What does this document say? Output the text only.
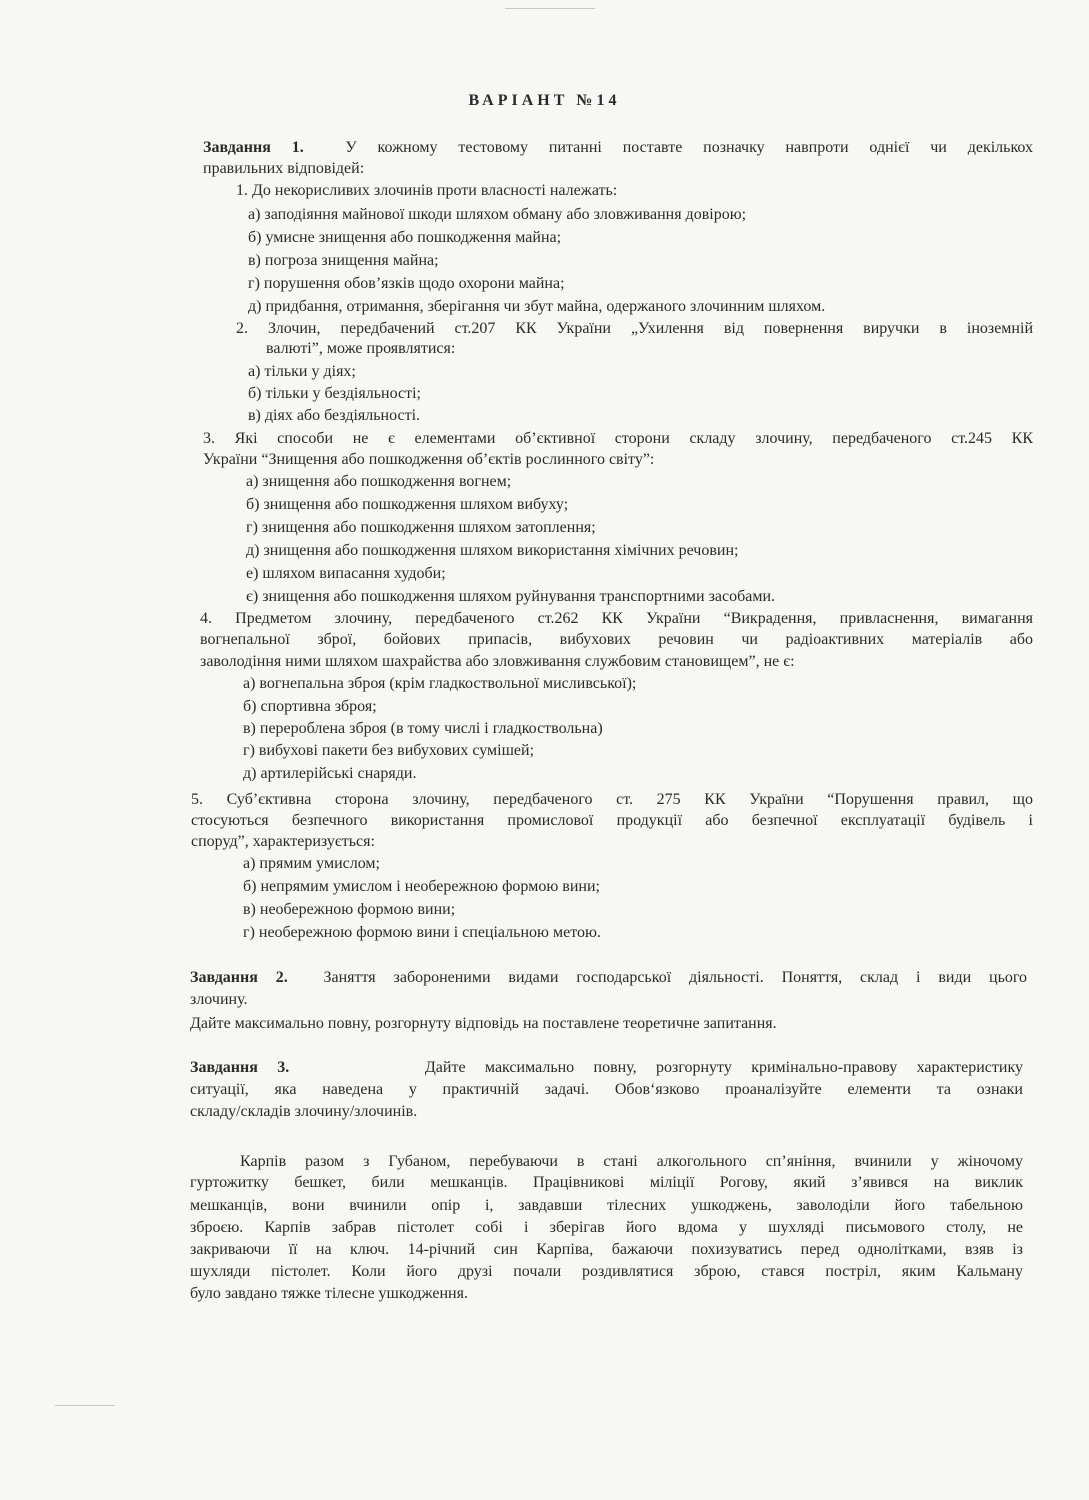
ВАРІАНТ №14
Завдання 1.	У кожному тестовому питанні поставте позначку навпроти однієї чи декількох
правильних відповідей:
1. До некорисливих злочинів проти власності належать:
а) заподіяння майнової шкоди шляхом обману або зловживання довірою;
б) умисне знищення або пошкодження майна;
в) погроза знищення майна;
г) порушення обов’язків щодо охорони майна;
д) придбання, отримання, зберігання чи збут майна, одержаного злочинним шляхом.
2. Злочин, передбачений ст.207 КК України „Ухилення від повернення виручки в іноземній
валюті”, може проявлятися:
а) тільки у діях;
б) тільки у бездіяльності;
в) діях або бездіяльності.
3. Які способи не є елементами об’єктивної сторони складу злочину, передбаченого ст.245 КК
України “Знищення або пошкодження об’єктів рослинного світу”:
а) знищення або пошкодження вогнем;
б) знищення або пошкодження шляхом вибуху;
г) знищення або пошкодження шляхом затоплення;
д) знищення або пошкодження шляхом використання хімічних речовин;
е) шляхом випасання худоби;
є) знищення або пошкодження шляхом руйнування транспортними засобами.
4. Предметом злочину, передбаченого ст.262 КК України “Викрадення, привласнення, вимагання
вогнепальної зброї, бойових припасів, вибухових речовин чи радіоактивних матеріалів або
заволодіння ними шляхом шахрайства або зловживання службовим становищем”, не є:
а) вогнепальна зброя (крім гладкоствольної мисливської);
б) спортивна зброя;
в) перероблена зброя (в тому числі і гладкоствольна)
г) вибухові пакети без вибухових сумішей;
д) артилерійські снаряди.
5. Суб’єктивна сторона злочину, передбаченого ст. 275 КК України “Порушення правил, що
стосуються безпечного використання промислової продукції або безпечної експлуатації будівель і
споруд”, характеризується:
а) прямим умислом;
б) непрямим умислом і необережною формою вини;
в) необережною формою вини;
г) необережною формою вини і спеціальною метою.
Завдання 2. Заняття забороненими видами господарської діяльності. Поняття, склад і види цього
злочину.
Дайте максимально повну, розгорнуту відповідь на поставлене теоретичне запитання.
Завдання 3.	Дайте максимально повну, розгорнуту кримінально-правову характеристику
ситуації, яка наведена у практичній задачі. Обов‘язково проаналізуйте елементи та ознаки
складу/складів злочину/злочинів.
Карпів разом з Губаном, перебуваючи в стані алкогольного сп’яніння, вчинили у жіночому
гуртожитку бешкет, били мешканців. Працівникові міліції Рогову, який з’явився на виклик
мешканців, вони вчинили опір і, завдавши тілесних ушкоджень, заволоділи його табельною
зброєю. Карпів забрав пістолет собі і зберігав його вдома у шухляді письмового столу, не
закриваючи її на ключ. 14-річний син Карпіва, бажаючи похизуватись перед однолітками, взяв із
шухляди пістолет. Коли його друзі почали роздивлятися зброю, стався постріл, яким Кальману
було завдано тяжке тілесне ушкодження.
